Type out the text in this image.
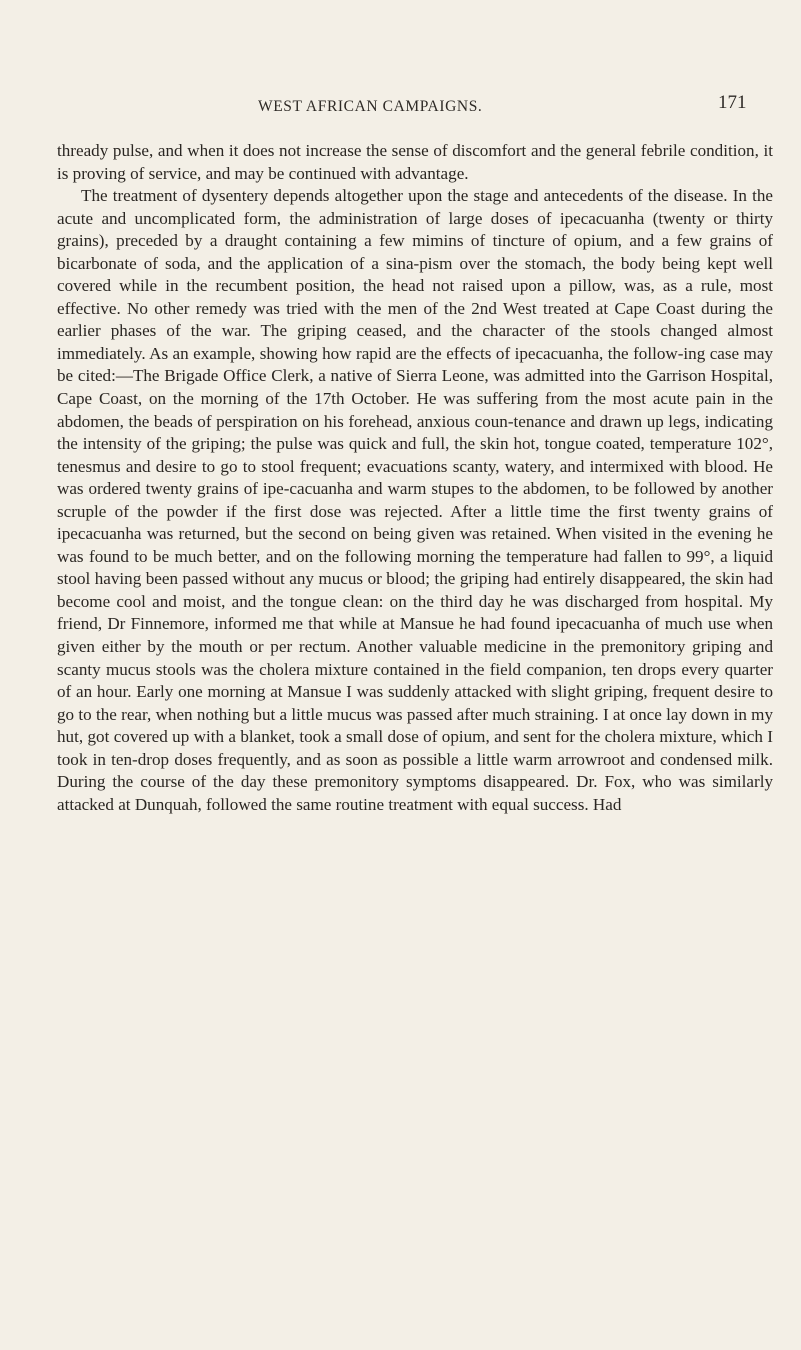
WEST AFRICAN CAMPAIGNS.	171

thready pulse, and when it does not increase the sense of discomfort and the general febrile condition, it is proving of service, and may be continued with advantage.

The treatment of dysentery depends altogether upon the stage and antecedents of the disease. In the acute and uncomplicated form, the administration of large doses of ipecacuanha (twenty or thirty grains), preceded by a draught containing a few mimins of tincture of opium, and a few grains of bicarbonate of soda, and the application of a sina-pism over the stomach, the body being kept well covered while in the recumbent position, the head not raised upon a pillow, was, as a rule, most effective. No other remedy was tried with the men of the 2nd West treated at Cape Coast during the earlier phases of the war. The griping ceased, and the character of the stools changed almost immediately. As an example, showing how rapid are the effects of ipecacuanha, the follow-ing case may be cited:—The Brigade Office Clerk, a native of Sierra Leone, was admitted into the Garrison Hospital, Cape Coast, on the morning of the 17th October. He was suffering from the most acute pain in the abdomen, the beads of perspiration on his forehead, anxious coun-tenance and drawn up legs, indicating the intensity of the griping; the pulse was quick and full, the skin hot, tongue coated, temperature 102°, tenesmus and desire to go to stool frequent; evacuations scanty, watery, and intermixed with blood. He was ordered twenty grains of ipe-cacuanha and warm stupes to the abdomen, to be followed by another scruple of the powder if the first dose was rejected. After a little time the first twenty grains of ipecacuanha was returned, but the second on being given was retained. When visited in the evening he was found to be much better, and on the following morning the temperature had fallen to 99°, a liquid stool having been passed without any mucus or blood; the griping had entirely disappeared, the skin had become cool and moist, and the tongue clean: on the third day he was discharged from hospital. My friend, Dr Finnemore, informed me that while at Mansue he had found ipecacuanha of much use when given either by the mouth or per rectum. Another valuable medicine in the premonitory griping and scanty mucus stools was the cholera mixture contained in the field companion, ten drops every quarter of an hour. Early one morning at Mansue I was suddenly attacked with slight griping, frequent desire to go to the rear, when nothing but a little mucus was passed after much straining. I at once lay down in my hut, got covered up with a blanket, took a small dose of opium, and sent for the cholera mixture, which I took in ten-drop doses frequently, and as soon as possible a little warm arrowroot and condensed milk. During the course of the day these premonitory symptoms disappeared. Dr. Fox, who was similarly attacked at Dunquah, followed the same routine treatment with equal success. Had
